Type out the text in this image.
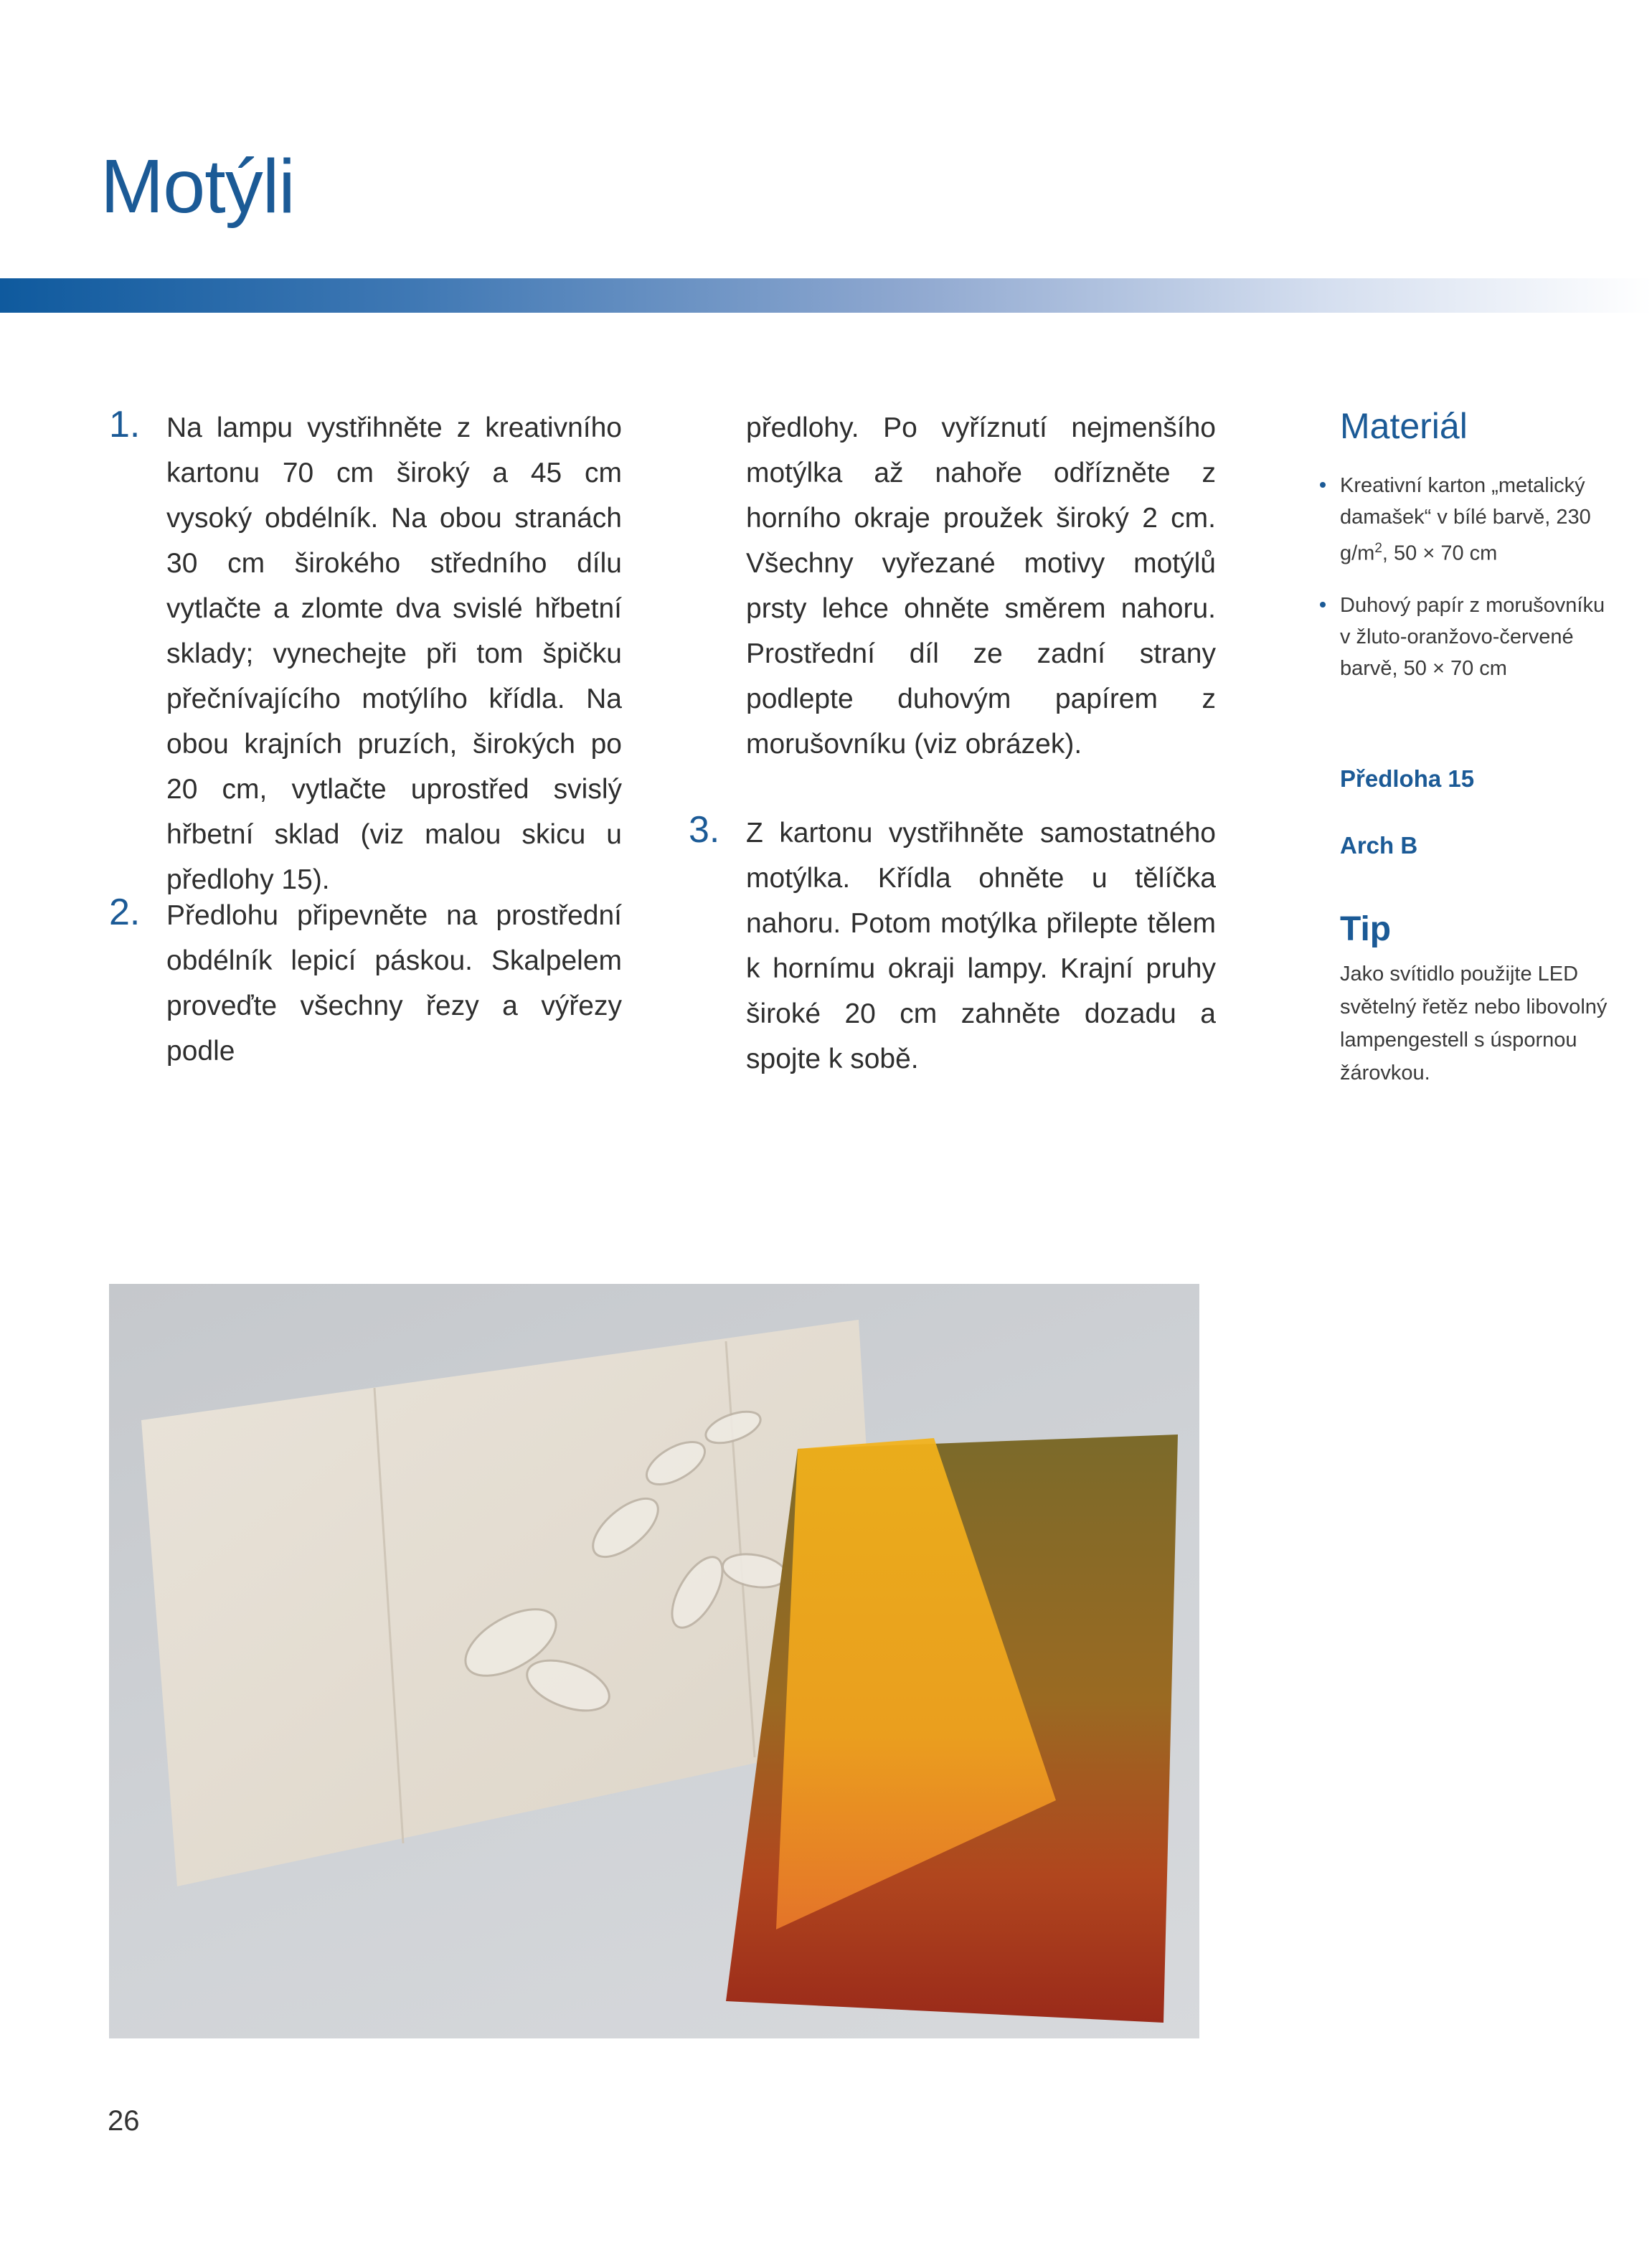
Motýli
1. Na lampu vystřihněte z kreativního kartonu 70 cm široký a 45 cm vysoký obdélník. Na obou stranách 30 cm širokého středního dílu vytlačte a zlomte dva svislé hřbetní sklady; vynechejte při tom špičku přečnívajícího motýlího křídla. Na obou krajních pruzích, širokých po 20 cm, vytlačte uprostřed svislý hřbetní sklad (viz malou skicu u předlohy 15).
2. Předlohu připevněte na prostřední obdélník lepicí páskou. Skalpelem proveďte všechny řezy a výřezy podle
předlohy. Po vyříznutí nejmenšího motýlka až nahoře odřízněte z horního okraje proužek široký 2 cm. Všechny vyřezané motivy motýlů prsty lehce ohněte směrem nahoru. Prostřední díl ze zadní strany podlepte duhovým papírem z morušovníku (viz obrázek).
3. Z kartonu vystřihněte samostatného motýlka. Křídla ohněte u tělíčka nahoru. Potom motýlka přilepte tělem k hornímu okraji lampy. Krajní pruhy široké 20 cm zahněte dozadu a spojte k sobě.
Materiál
Kreativní karton „metalický damašek“ v bílé barvě, 230 $g/m^2$, 50 × 70 cm
Duhový papír z morušovníku v žluto-oranžovo-červené barvě, 50 × 70 cm
Předloha 15
Arch B
Tip
Jako svítidlo použijte LED světelný řetěz nebo libovolný lampengestell s úspornou žárovkou.
26
